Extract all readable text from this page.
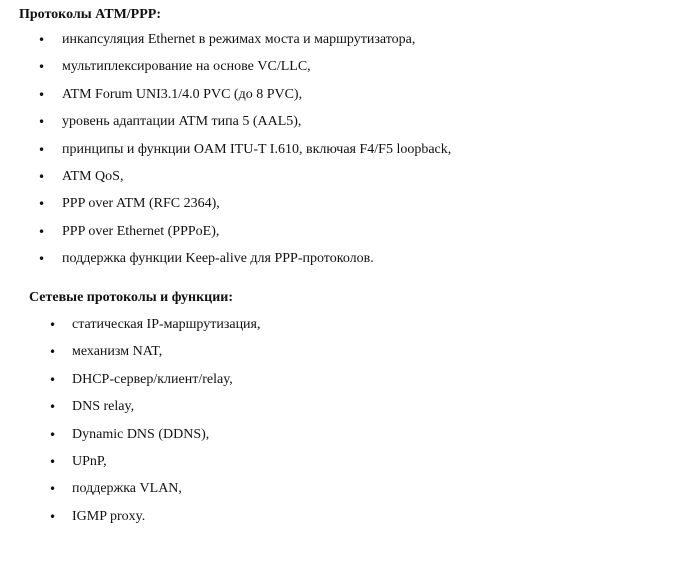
Протоколы ATM/PPP:
• инкапсуляция Ethernet в режимах моста и маршрутизатора,
• мультиплексирование на основе VC/LLC,
• ATM Forum UNI3.1/4.0 PVC (до 8 PVC),
• уровень адаптации ATM типа 5 (AAL5),
• принципы и функции OAM ITU-T I.610, включая F4/F5 loopback,
• ATM QoS,
• PPP over ATM (RFC 2364),
• PPP over Ethernet (PPPoE),
• поддержка функции Keep-alive для PPP-протоколов.
Сетевые протоколы и функции:
• статическая IP-маршрутизация,
• механизм NAT,
• DHCP-сервер/клиент/relay,
• DNS relay,
• Dynamic DNS (DDNS),
• UPnP,
• поддержка VLAN,
• IGMP proxy.
